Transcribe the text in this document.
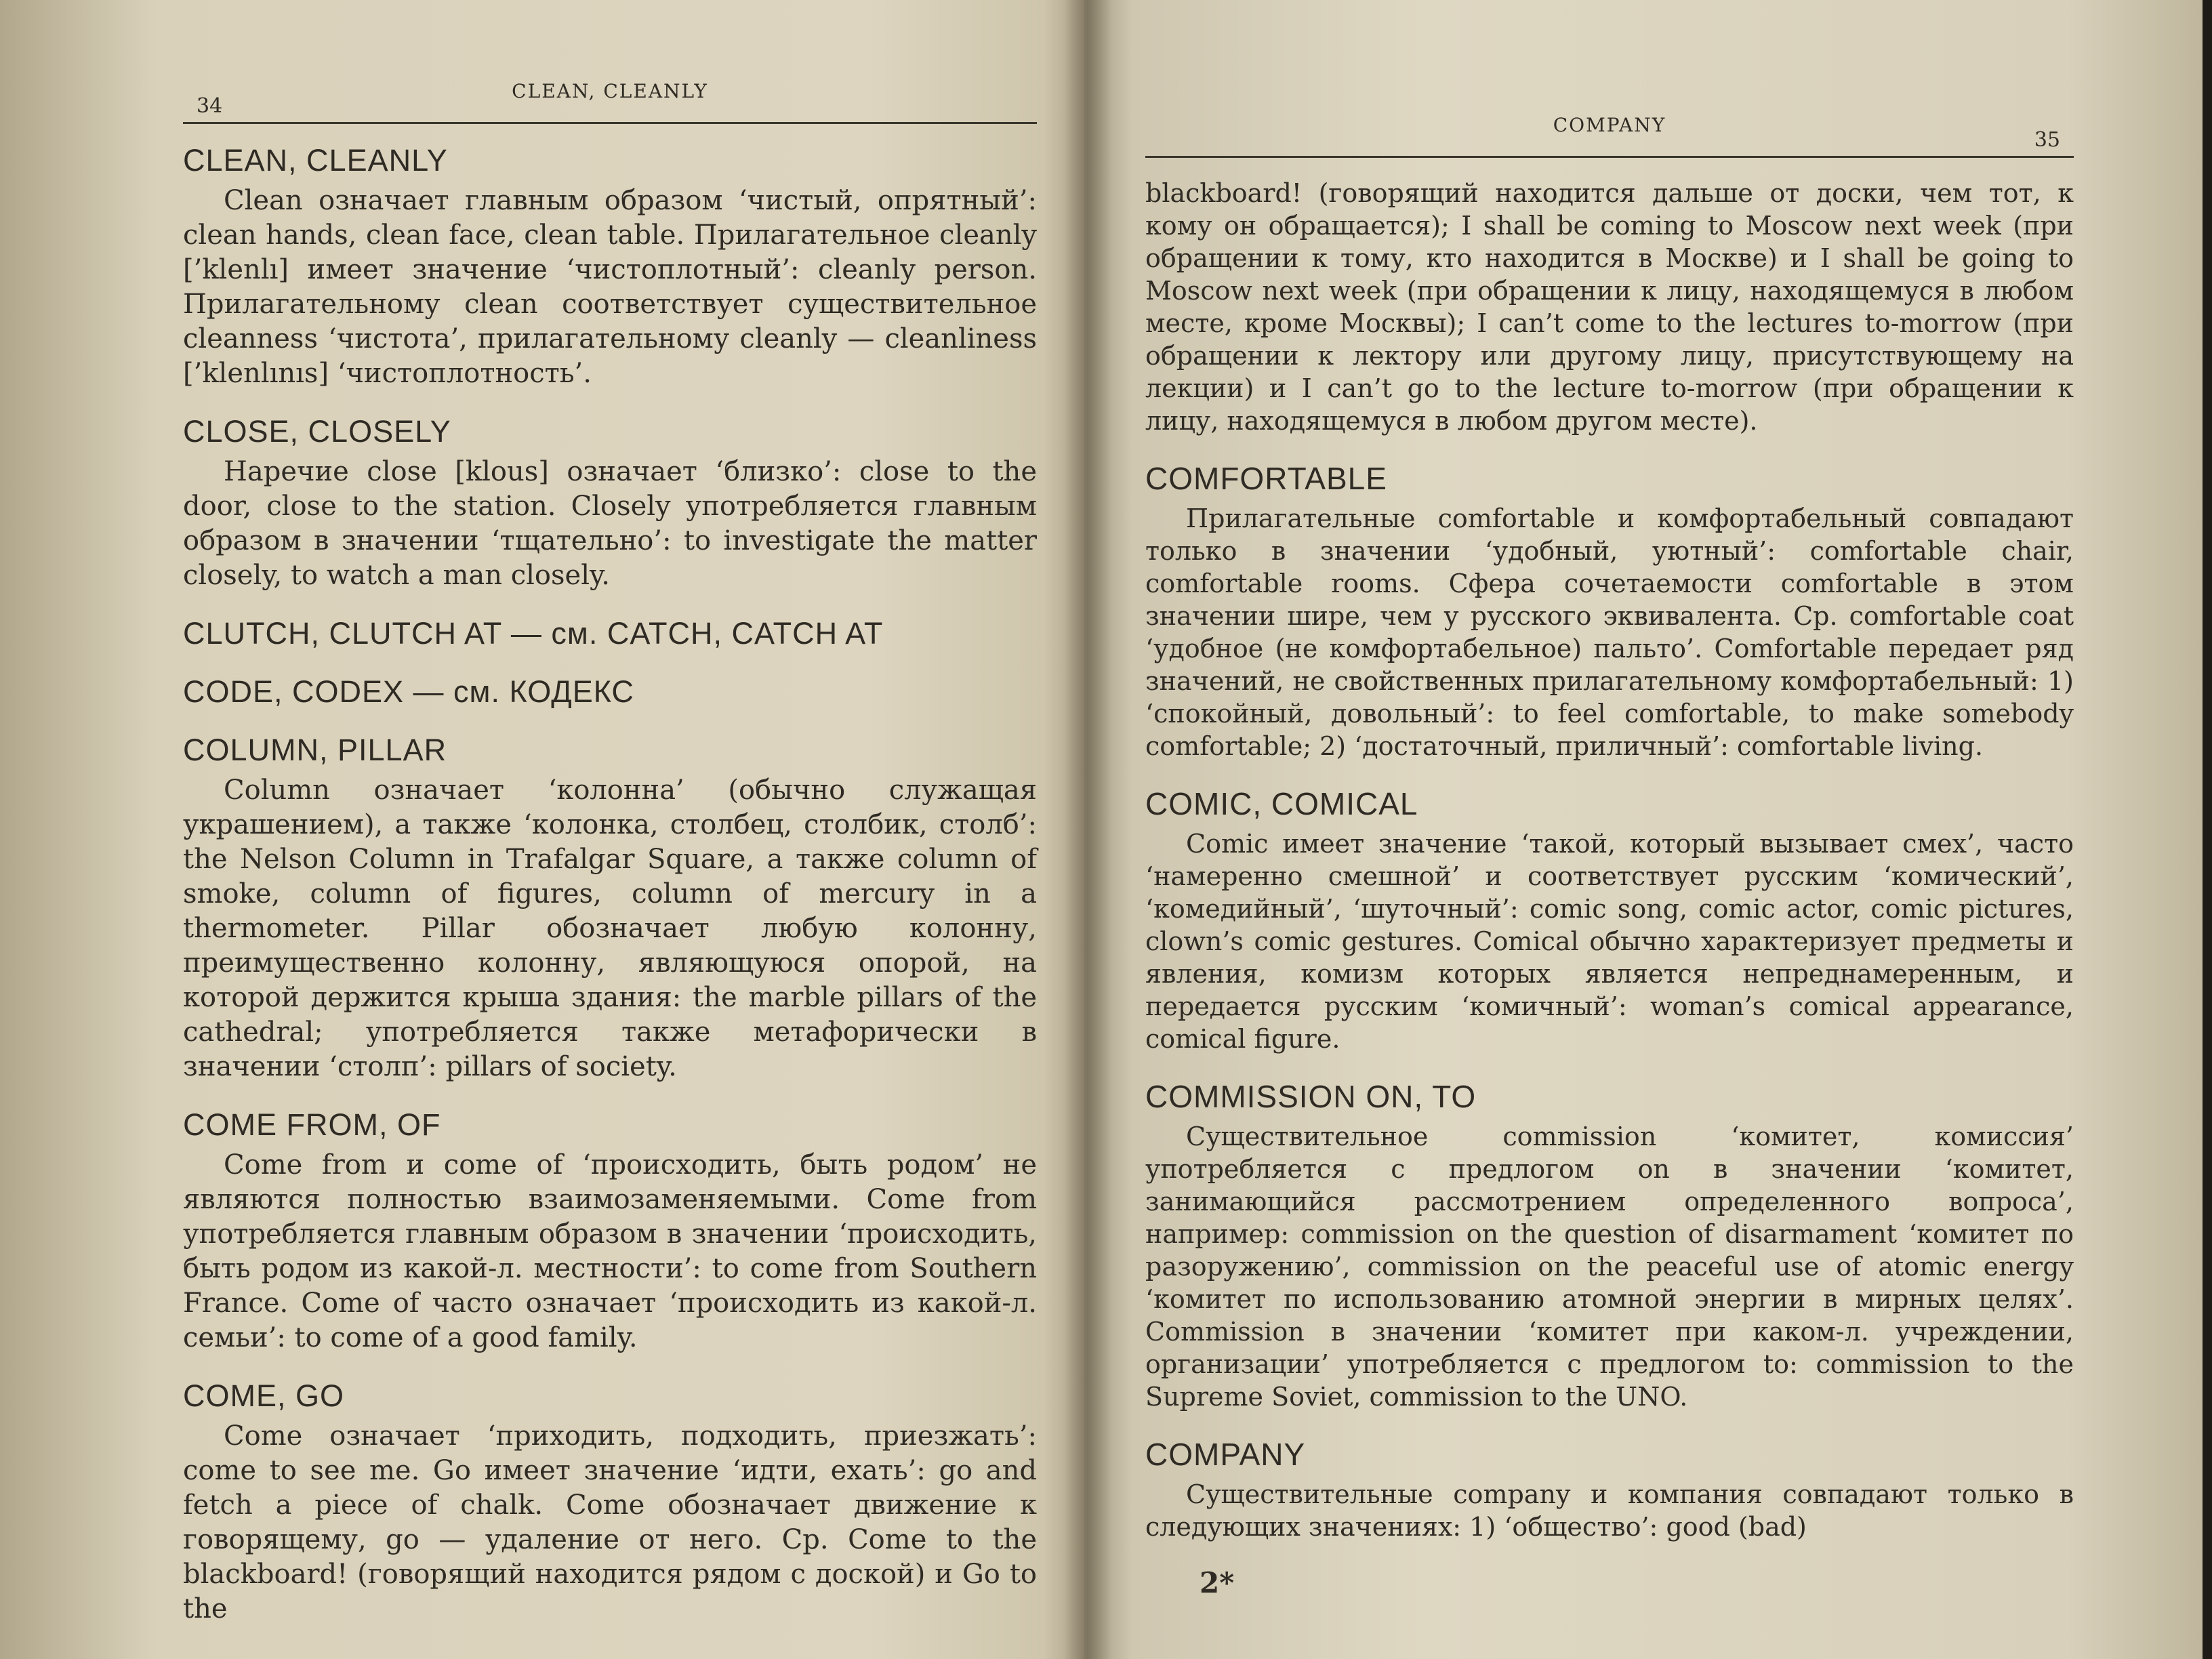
34
CLEAN, CLEANLY
CLEAN, CLEANLY

Clean означает главным образом ‘чистый, опрятный’: clean hands, clean face, clean table. Прилагательное cleanly [’klenlı] имеет значение ‘чистоплотный’: cleanly person. Прилагательному clean соответствует существительное cleanness ‘чистота’, прилагательному cleanly — cleanliness [’klenlınıs] ‘чистоплотность’.

CLOSE, CLOSELY

Наречие close [klous] означает ‘близко’: close to the door, close to the station. Closely употребляется главным образом в значении ‘тщательно’: to investigate the matter closely, to watch a man closely.

CLUTCH, CLUTCH AT — см. CATCH, CATCH AT
CODE, CODEX — см. КОДЕКС
COLUMN, PILLAR

Column означает ‘колонна’ (обычно служащая украшением), а также ‘колонка, столбец, столбик, столб’: the Nelson Column in Trafalgar Square, а также column of smoke, column of figures, column of mercury in a thermometer. Pillar обозначает любую колонну, преимущественно колонну, являющуюся опорой, на которой держится крыша здания: the marble pillars of the cathedral; употребляется также метафорически в значении ‘столп’: pillars of society.

COME FROM, OF

Come from и come of ‘происходить, быть родом’ не являются полностью взаимозаменяемыми. Come from употребляется главным образом в значении ‘происходить, быть родом из какой-л. местности’: to come from Southern France. Come of часто означает ‘происходить из какой-л. семьи’: to come of a good family.

COME, GO

Come означает ‘приходить, подходить, приезжать’: come to see me. Go имеет значение ‘идти, ехать’: go and fetch a piece of chalk. Come обозначает движение к говорящему, go — удаление от него. Ср. Come to the blackboard! (говорящий находится рядом с доской) и Go to the

COMPANY
35

blackboard! (говорящий находится дальше от доски, чем тот, к кому он обращается); I shall be coming to Moscow next week (при обращении к тому, кто находится в Москве) и I shall be going to Moscow next week (при обращении к лицу, находящемуся в любом месте, кроме Москвы); I can’t come to the lectures to-morrow (при обращении к лектору или другому лицу, присутствующему на лекции) и I can’t go to the lecture to-morrow (при обращении к лицу, находящемуся в любом другом месте).

COMFORTABLE

Прилагательные comfortable и комфортабельный совпадают только в значении ‘удобный, уютный’: comfortable chair, comfortable rooms. Сфера сочетаемости comfortable в этом значении шире, чем у русского эквивалента. Ср. comfortable coat ‘удобное (не комфортабельное) пальто’. Comfortable передает ряд значений, не свойственных прилагательному комфортабельный: 1) ‘спокойный, довольный’: to feel comfortable, to make somebody comfortable; 2) ‘достаточный, приличный’: comfortable living.

COMIC, COMICAL

Comic имеет значение ‘такой, который вызывает смех’, часто ‘намеренно смешной’ и соответствует русским ‘комический’, ‘комедийный’, ‘шуточный’: comic song, comic actor, comic pictures, clown’s comic gestures. Comical обычно характеризует предметы и явления, комизм которых является непреднамеренным, и передается русским ‘комичный’: woman’s comical appearance, comical figure.

COMMISSION ON, TO

Существительное commission ‘комитет, комиссия’ употребляется с предлогом on в значении ‘комитет, занимающийся рассмотрением определенного вопроса’, например: commission on the question of disarmament ‘комитет по разоружению’, commission on the peaceful use of atomic energy ‘комитет по использованию атомной энергии в мирных целях’. Commission в значении ‘комитет при каком-л. учреждении, организации’ употребляется с предлогом to: commission to the Supreme Soviet, commission to the UNO.

COMPANY

Существительные company и компания совпадают только в следующих значениях: 1) ‘общество’: good (bad)

2*
